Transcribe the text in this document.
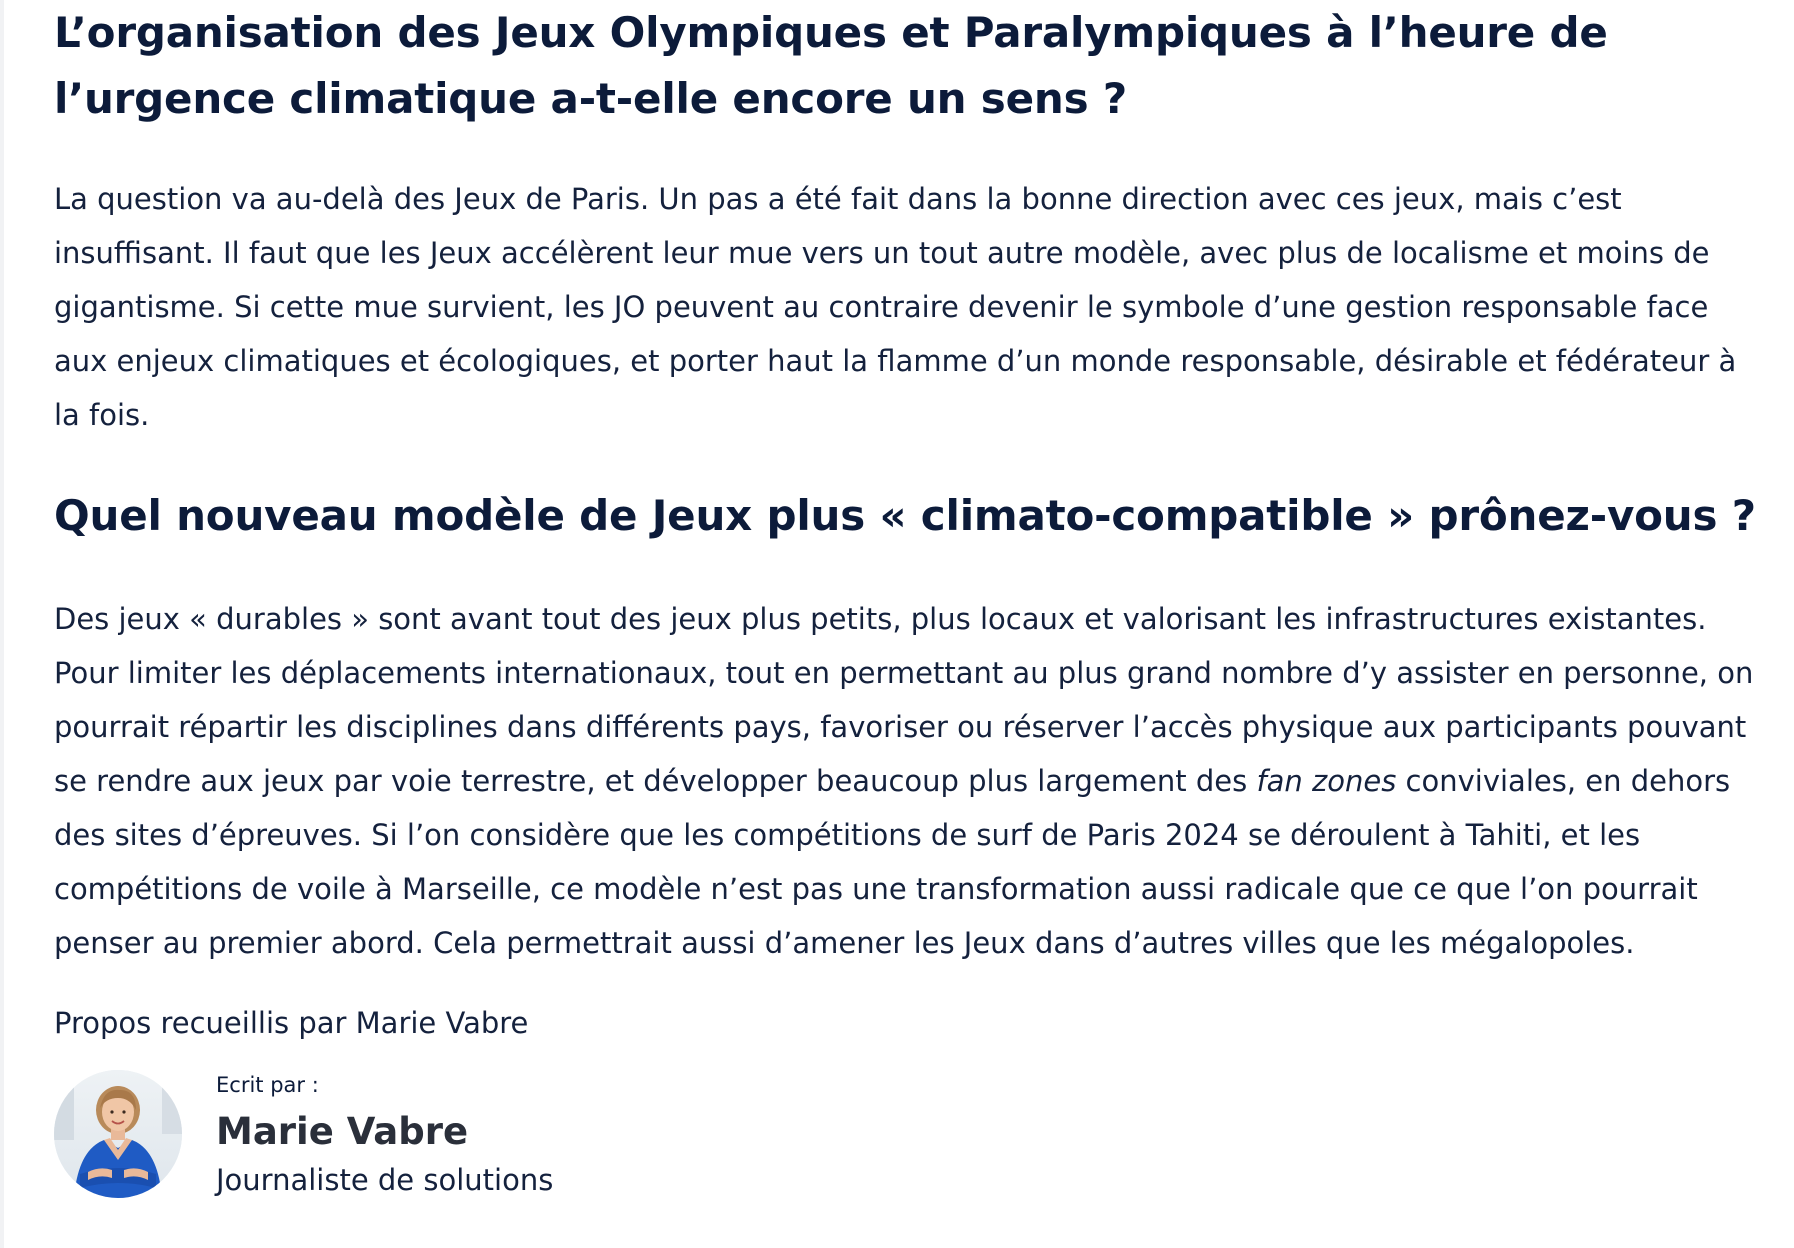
L’organisation des Jeux Olympiques et Paralympiques à l’heure de l’urgence climatique a-t-elle encore un sens ?

La question va au-delà des Jeux de Paris. Un pas a été fait dans la bonne direction avec ces jeux, mais c’est insuffisant. Il faut que les Jeux accélèrent leur mue vers un tout autre modèle, avec plus de localisme et moins de gigantisme. Si cette mue survient, les JO peuvent au contraire devenir le symbole d’une gestion responsable face aux enjeux climatiques et écologiques, et porter haut la flamme d’un monde responsable, désirable et fédérateur à la fois.

Quel nouveau modèle de Jeux plus « climato-compatible » prônez-vous ?

Des jeux « durables » sont avant tout des jeux plus petits, plus locaux et valorisant les infrastructures existantes. Pour limiter les déplacements internationaux, tout en permettant au plus grand nombre d’y assister en personne, on pourrait répartir les disciplines dans différents pays, favoriser ou réserver l’accès physique aux participants pouvant se rendre aux jeux par voie terrestre, et développer beaucoup plus largement des fan zones conviviales, en dehors des sites d’épreuves. Si l’on considère que les compétitions de surf de Paris 2024 se déroulent à Tahiti, et les compétitions de voile à Marseille, ce modèle n’est pas une transformation aussi radicale que ce que l’on pourrait penser au premier abord. Cela permettrait aussi d’amener les Jeux dans d’autres villes que les mégalopoles.

Propos recueillis par Marie Vabre

Ecrit par :
Marie Vabre
Journaliste de solutions
